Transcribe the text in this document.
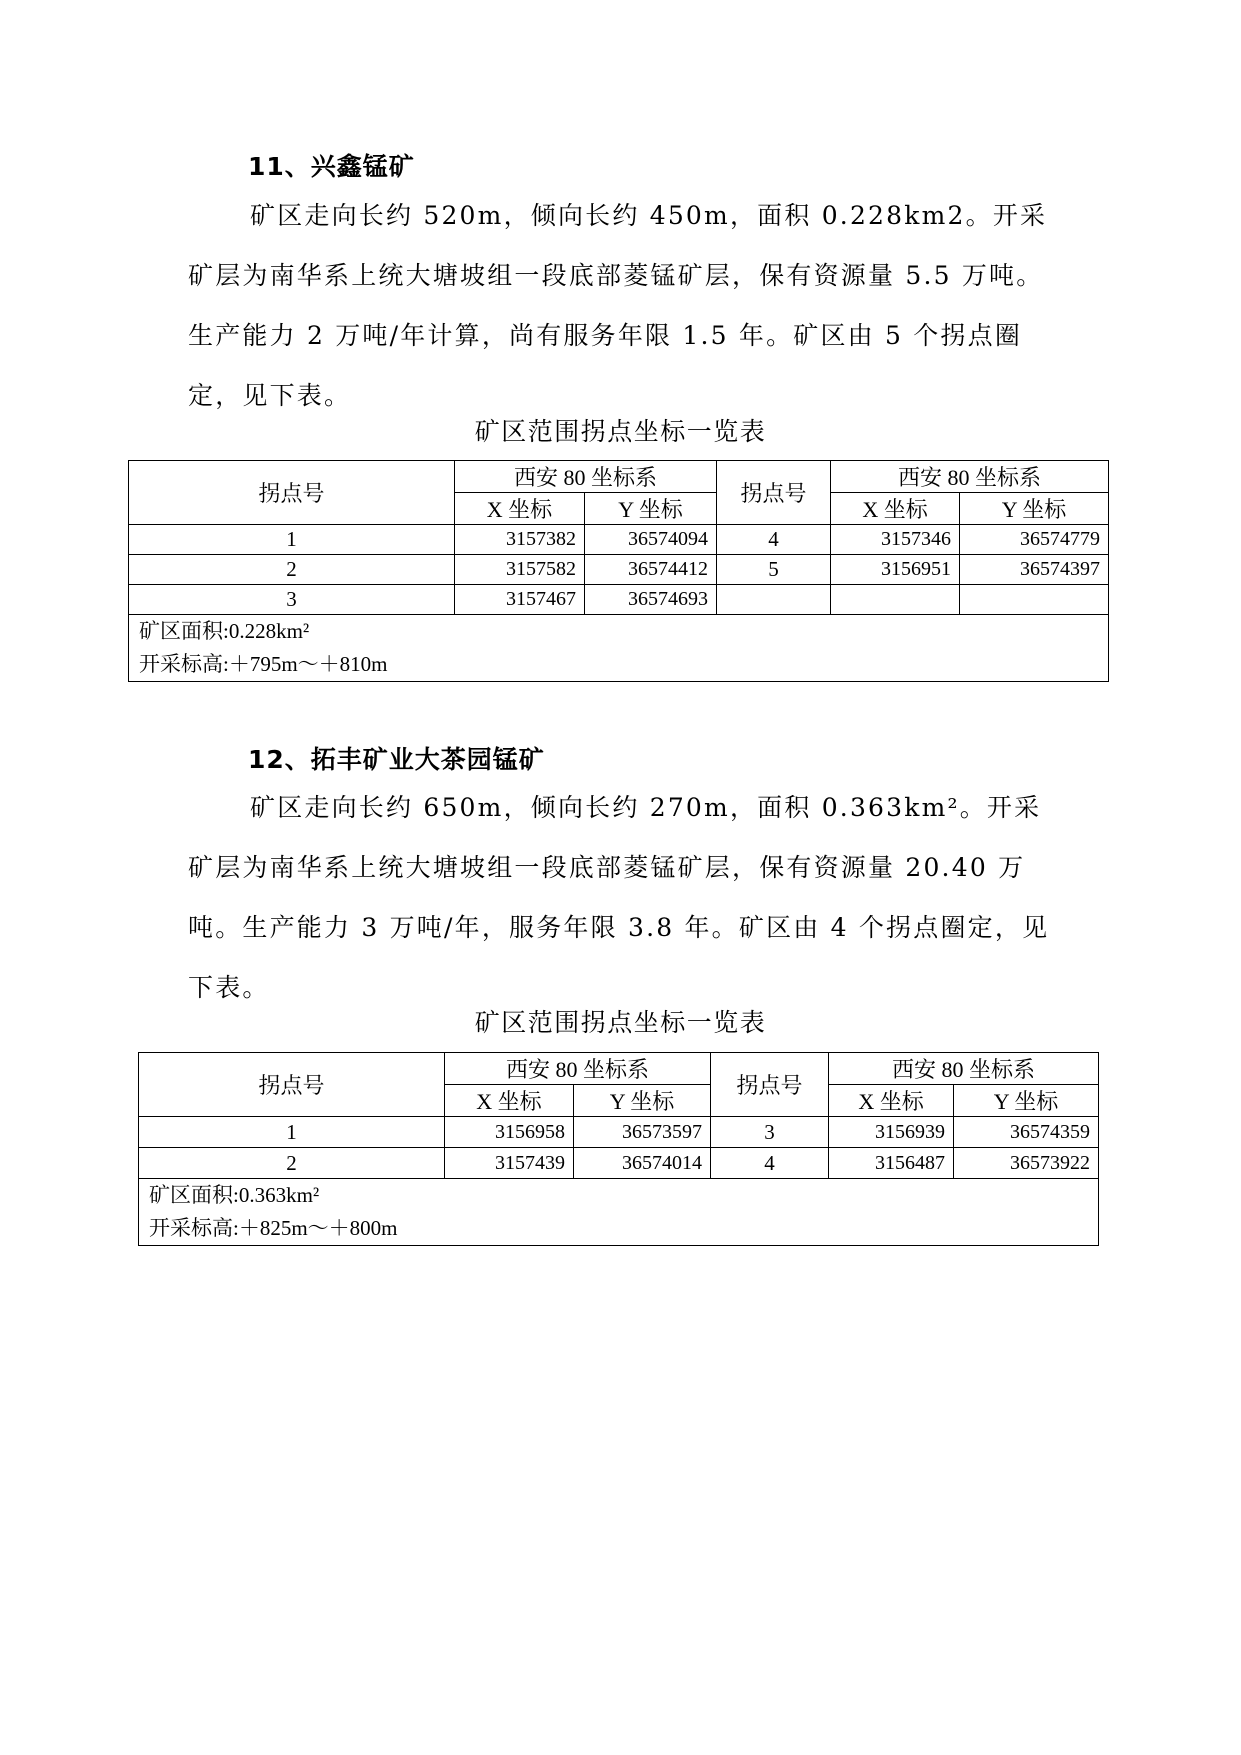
11、兴鑫锰矿
矿区走向长约 520m，倾向长约 450m，面积 0.228km2。开采矿层为南华系上统大塘坡组一段底部菱锰矿层，保有资源量 5.5 万吨。生产能力 2 万吨/年计算，尚有服务年限 1.5 年。矿区由 5 个拐点圈定，见下表。
矿区范围拐点坐标一览表
拐点号	西安 80 坐标系		拐点号	西安 80 坐标系	
	X 坐标	Y 坐标		X 坐标	Y 坐标
1	3157382	36574094	4	3157346	36574779
2	3157582	36574412	5	3156951	36574397
3	3157467	36574693			

矿区面积:0.228km²
开采标高:＋795m～＋810m					
12、拓丰矿业大茶园锰矿
矿区走向长约 650m，倾向长约 270m，面积 0.363km²。开采矿层为南华系上统大塘坡组一段底部菱锰矿层，保有资源量 20.40 万吨。生产能力 3 万吨/年，服务年限 3.8 年。矿区由 4 个拐点圈定，见下表。
矿区范围拐点坐标一览表
拐点号	西安 80 坐标系		拐点号	西安 80 坐标系	
	X 坐标	Y 坐标		X 坐标	Y 坐标
1	3156958	36573597	3	3156939	36574359
2	3157439	36574014	4	3156487	36573922

矿区面积:0.363km²
开采标高:＋825m～＋800m					
